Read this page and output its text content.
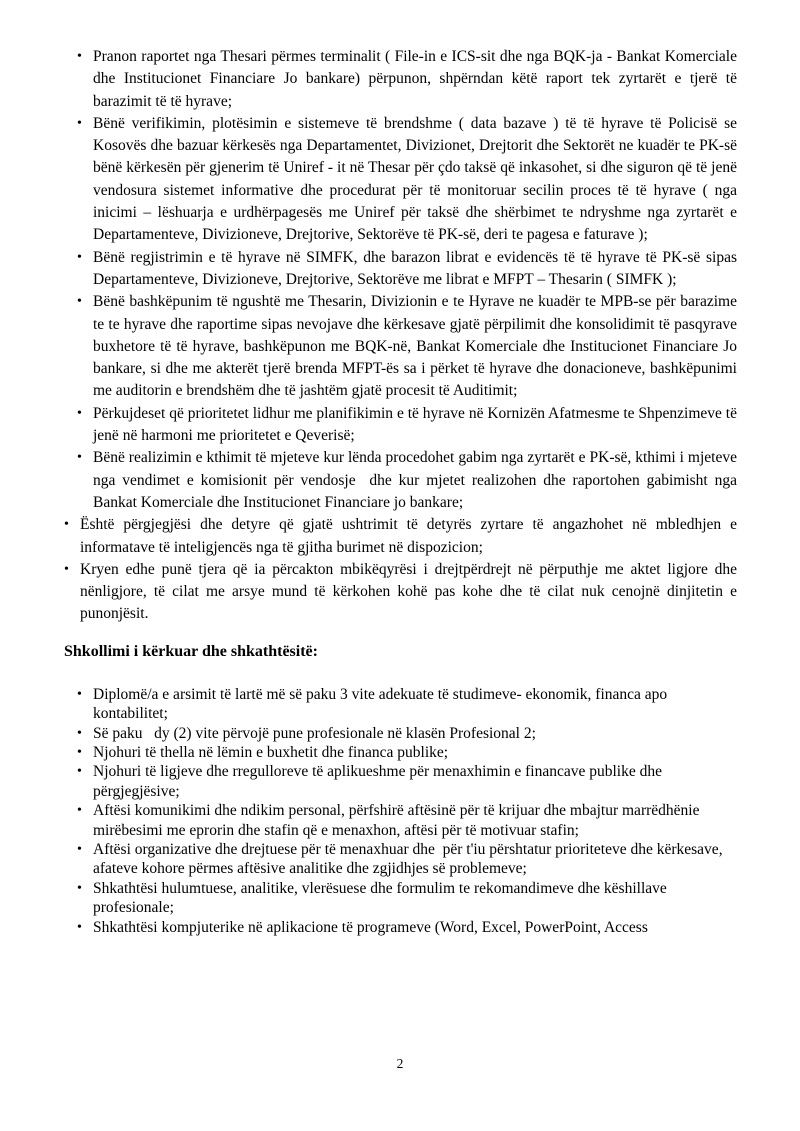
• Pranon raportet nga Thesari përmes terminalit ( File-in e ICS-sit dhe nga BQK-ja - Bankat Komerciale dhe Institucionet Financiare Jo bankare) përpunon, shpërndan këtë raport tek zyrtarët e tjerë të barazimit të të hyrave;
• Bënë verifikimin, plotësimin e sistemeve të brendshme ( data bazave ) të të hyrave të Policisë se Kosovës dhe bazuar kërkesës nga Departamentet, Divizionet, Drejtorit dhe Sektorët ne kuadër te PK-së  bënë kërkesën për gjenerim të Uniref - it në Thesar për çdo taksë që inkasohet, si dhe siguron që të jenë vendosura sistemet informative dhe procedurat për të monitoruar secilin proces të të hyrave ( nga inicimi – lëshuarja e urdhërpagesës me Uniref për taksë dhe shërbimet te ndryshme nga zyrtarët e Departamenteve, Divizioneve, Drejtorive, Sektorëve të PK-së, deri te pagesa e faturave );
• Bënë regjistrimin e të hyrave në SIMFK, dhe barazon librat e evidencës të të hyrave të PK-së sipas Departamenteve, Divizioneve, Drejtorive, Sektorëve me librat e MFPT – Thesarin ( SIMFK );
• Bënë bashkëpunim të ngushtë me Thesarin, Divizionin e te Hyrave ne kuadër te MPB-se për barazime te te hyrave dhe raportime sipas nevojave dhe kërkesave gjatë përpilimit dhe konsolidimit të pasqyrave buxhetore të të hyrave, bashkëpunon me BQK-në, Bankat Komerciale dhe Institucionet Financiare Jo bankare, si dhe me akterët tjerë brenda MFPT-ës sa i përket të hyrave dhe donacioneve, bashkëpunimi me auditorin e brendshëm dhe të jashtëm gjatë procesit të Auditimit;
• Përkujdeset që prioritetet lidhur me planifikimin e të hyrave në Kornizën Afatmesme te Shpenzimeve të jenë në harmoni me prioritetet e Qeverisë;
• Bënë realizimin e kthimit të mjeteve kur lënda procedohet gabim nga zyrtarët e PK-së, kthimi i mjeteve nga vendimet e komisionit për vendosje  dhe kur mjetet realizohen dhe raportohen gabimisht nga Bankat Komerciale dhe Institucionet Financiare jo bankare;
• Është përgjegjësi dhe detyre që gjatë ushtrimit të detyrës zyrtare të angazhohet në mbledhjen e informatave të inteligjencës nga të gjitha burimet në dispozicion;
• Kryen edhe punë tjera që ia përcakton mbikëqyrësi i drejtpërdrejt në përputhje me aktet ligjore dhe nënligjore, të cilat me arsye mund të kërkohen kohë pas kohe dhe të cilat nuk cenojnë dinjitetin e punonjësit.
Shkollimi i kërkuar dhe shkathtësitë:
• Diplomë/a e arsimit të lartë më së paku 3 vite adekuate të studimeve- ekonomik, financa apo kontabilitet;
• Së paku   dy (2) vite përvojë pune profesionale në klasën Profesional 2;
• Njohuri të thella në lëmin e buxhetit dhe financa publike;
• Njohuri të ligjeve dhe rregulloreve të aplikueshme për menaxhimin e financave publike dhe përgjegjësive;
• Aftësi komunikimi dhe ndikim personal, përfshirë aftësinë për të krijuar dhe mbajtur marrëdhënie mirëbesimi me eprorin dhe stafin që e menaxhon, aftësi për të motivuar stafin;
• Aftësi organizative dhe drejtuese për të menaxhuar dhe  për t'iu përshtatur prioriteteve dhe kërkesave, afateve kohore përmes aftësive analitike dhe zgjidhjes së problemeve;
• Shkathtësi hulumtuese, analitike, vlerësuese dhe formulim te rekomandimeve dhe këshillave profesionale;
• Shkathtësi kompjuterike në aplikacione të programeve (Word, Excel, PowerPoint, Access
2
